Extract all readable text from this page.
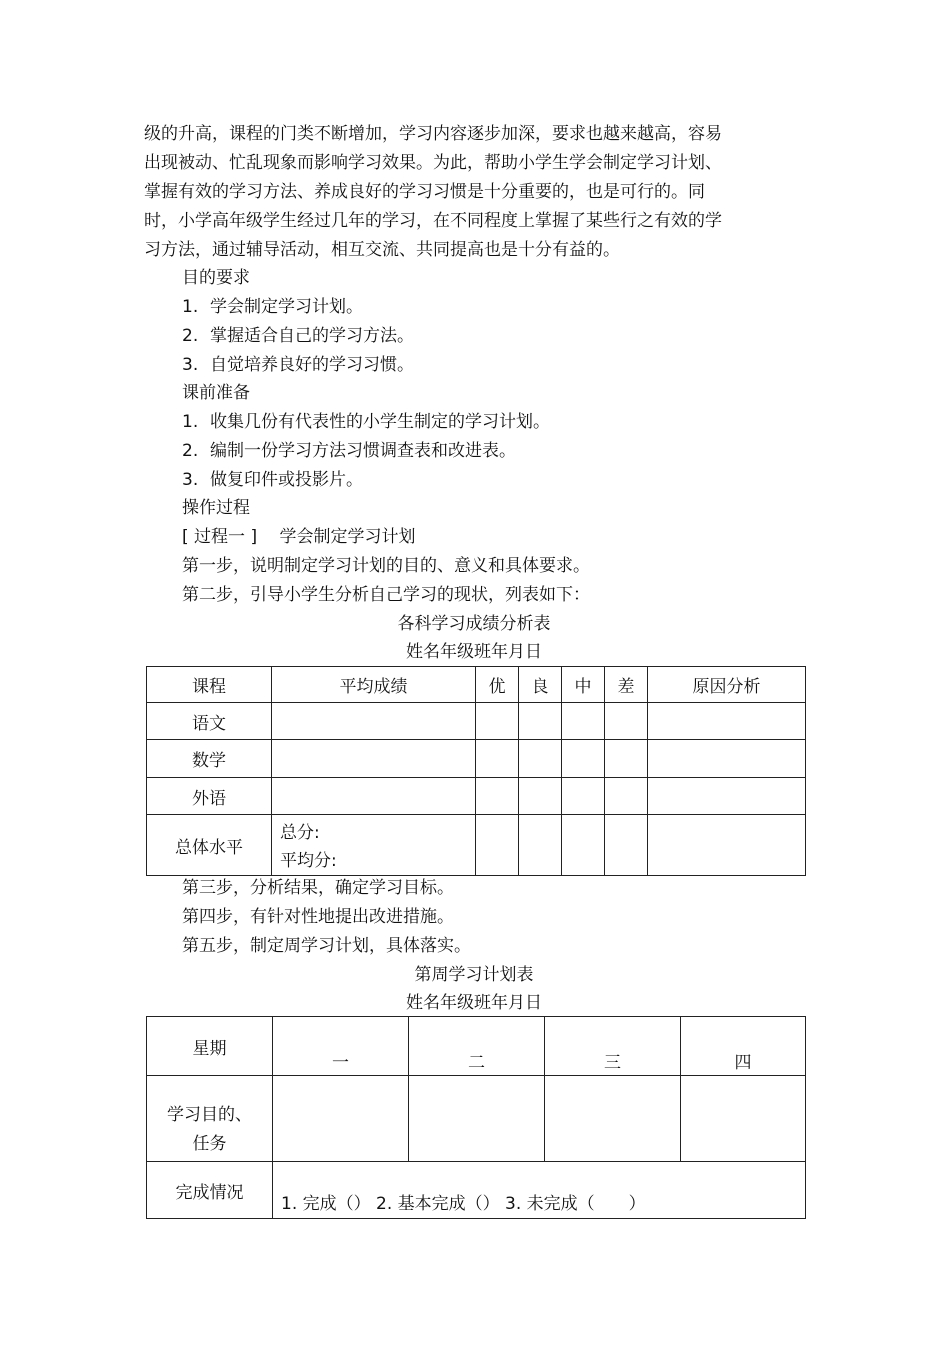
级的升高，课程的门类不断增加，学习内容逐步加深，要求也越来越高，容易
出现被动、忙乱现象而影响学习效果。为此，帮助小学生学会制定学习计划、
掌握有效的学习方法、养成良好的学习习惯是十分重要的，也是可行的。同
时，小学高年级学生经过几年的学习，在不同程度上掌握了某些行之有效的学
习方法，通过辅导活动，相互交流、共同提高也是十分有益的。
目的要求
1. 学会制定学习计划。
2. 掌握适合自己的学习方法。
3. 自觉培养良好的学习习惯。
课前准备
1. 收集几份有代表性的小学生制定的学习计划。
2. 编制一份学习方法习惯调查表和改进表。
3. 做复印件或投影片。
操作过程
[ 过程一 ]　 学会制定学习计划
第一步，说明制定学习计划的目的、意义和具体要求。
第二步，引导小学生分析自己学习的现状，列表如下：
各科学习成绩分析表
姓名年级班年月日
课程	平均成绩	优	良	中	差	原因分析
语文						
数学						
外语						
总体水平	总分:
平均分:					

第三步，分析结果，确定学习目标。
第四步，有针对性地提出改进措施。
第五步，制定周学习计划，具体落实。
第周学习计划表
姓名年级班年月日
星期	一	二	三	四

学习目的、
任务				

完成情况	1. 完成（） 2. 基本完成（） 3. 未完成（　　）			
